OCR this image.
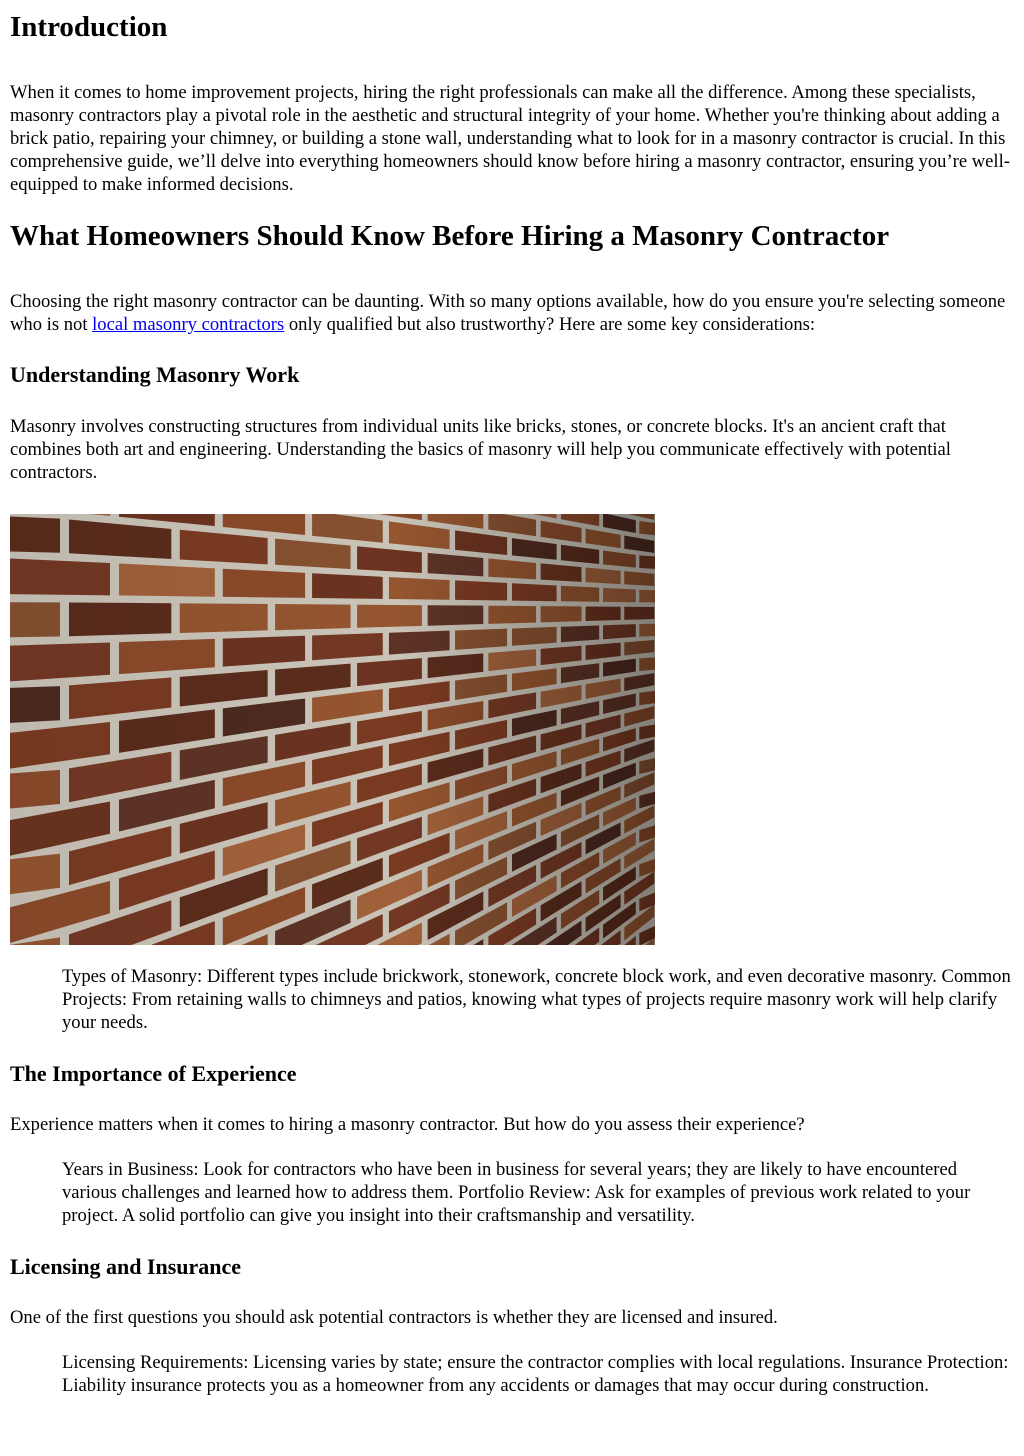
Introduction

When it comes to home improvement projects, hiring the right professionals can make all the difference. Among these specialists, masonry contractors play a pivotal role in the aesthetic and structural integrity of your home. Whether you're thinking about adding a brick patio, repairing your chimney, or building a stone wall, understanding what to look for in a masonry contractor is crucial. In this comprehensive guide, we’ll delve into everything homeowners should know before hiring a masonry contractor, ensuring you’re well-equipped to make informed decisions.

What Homeowners Should Know Before Hiring a Masonry Contractor

Choosing the right masonry contractor can be daunting. With so many options available, how do you ensure you're selecting someone who is not local masonry contractors only qualified but also trustworthy? Here are some key considerations:

Understanding Masonry Work

Masonry involves constructing structures from individual units like bricks, stones, or concrete blocks. It's an ancient craft that combines both art and engineering. Understanding the basics of masonry will help you communicate effectively with potential contractors.

Types of Masonry: Different types include brickwork, stonework, concrete block work, and even decorative masonry. Common Projects: From retaining walls to chimneys and patios, knowing what types of projects require masonry work will help clarify your needs.
The Importance of Experience

Experience matters when it comes to hiring a masonry contractor. But how do you assess their experience?

Years in Business: Look for contractors who have been in business for several years; they are likely to have encountered various challenges and learned how to address them. Portfolio Review: Ask for examples of previous work related to your project. A solid portfolio can give you insight into their craftsmanship and versatility.
Licensing and Insurance

One of the first questions you should ask potential contractors is whether they are licensed and insured.

Licensing Requirements: Licensing varies by state; ensure the contractor complies with local regulations. Insurance Protection: Liability insurance protects you as a homeowner from any accidents or damages that may occur during construction.
